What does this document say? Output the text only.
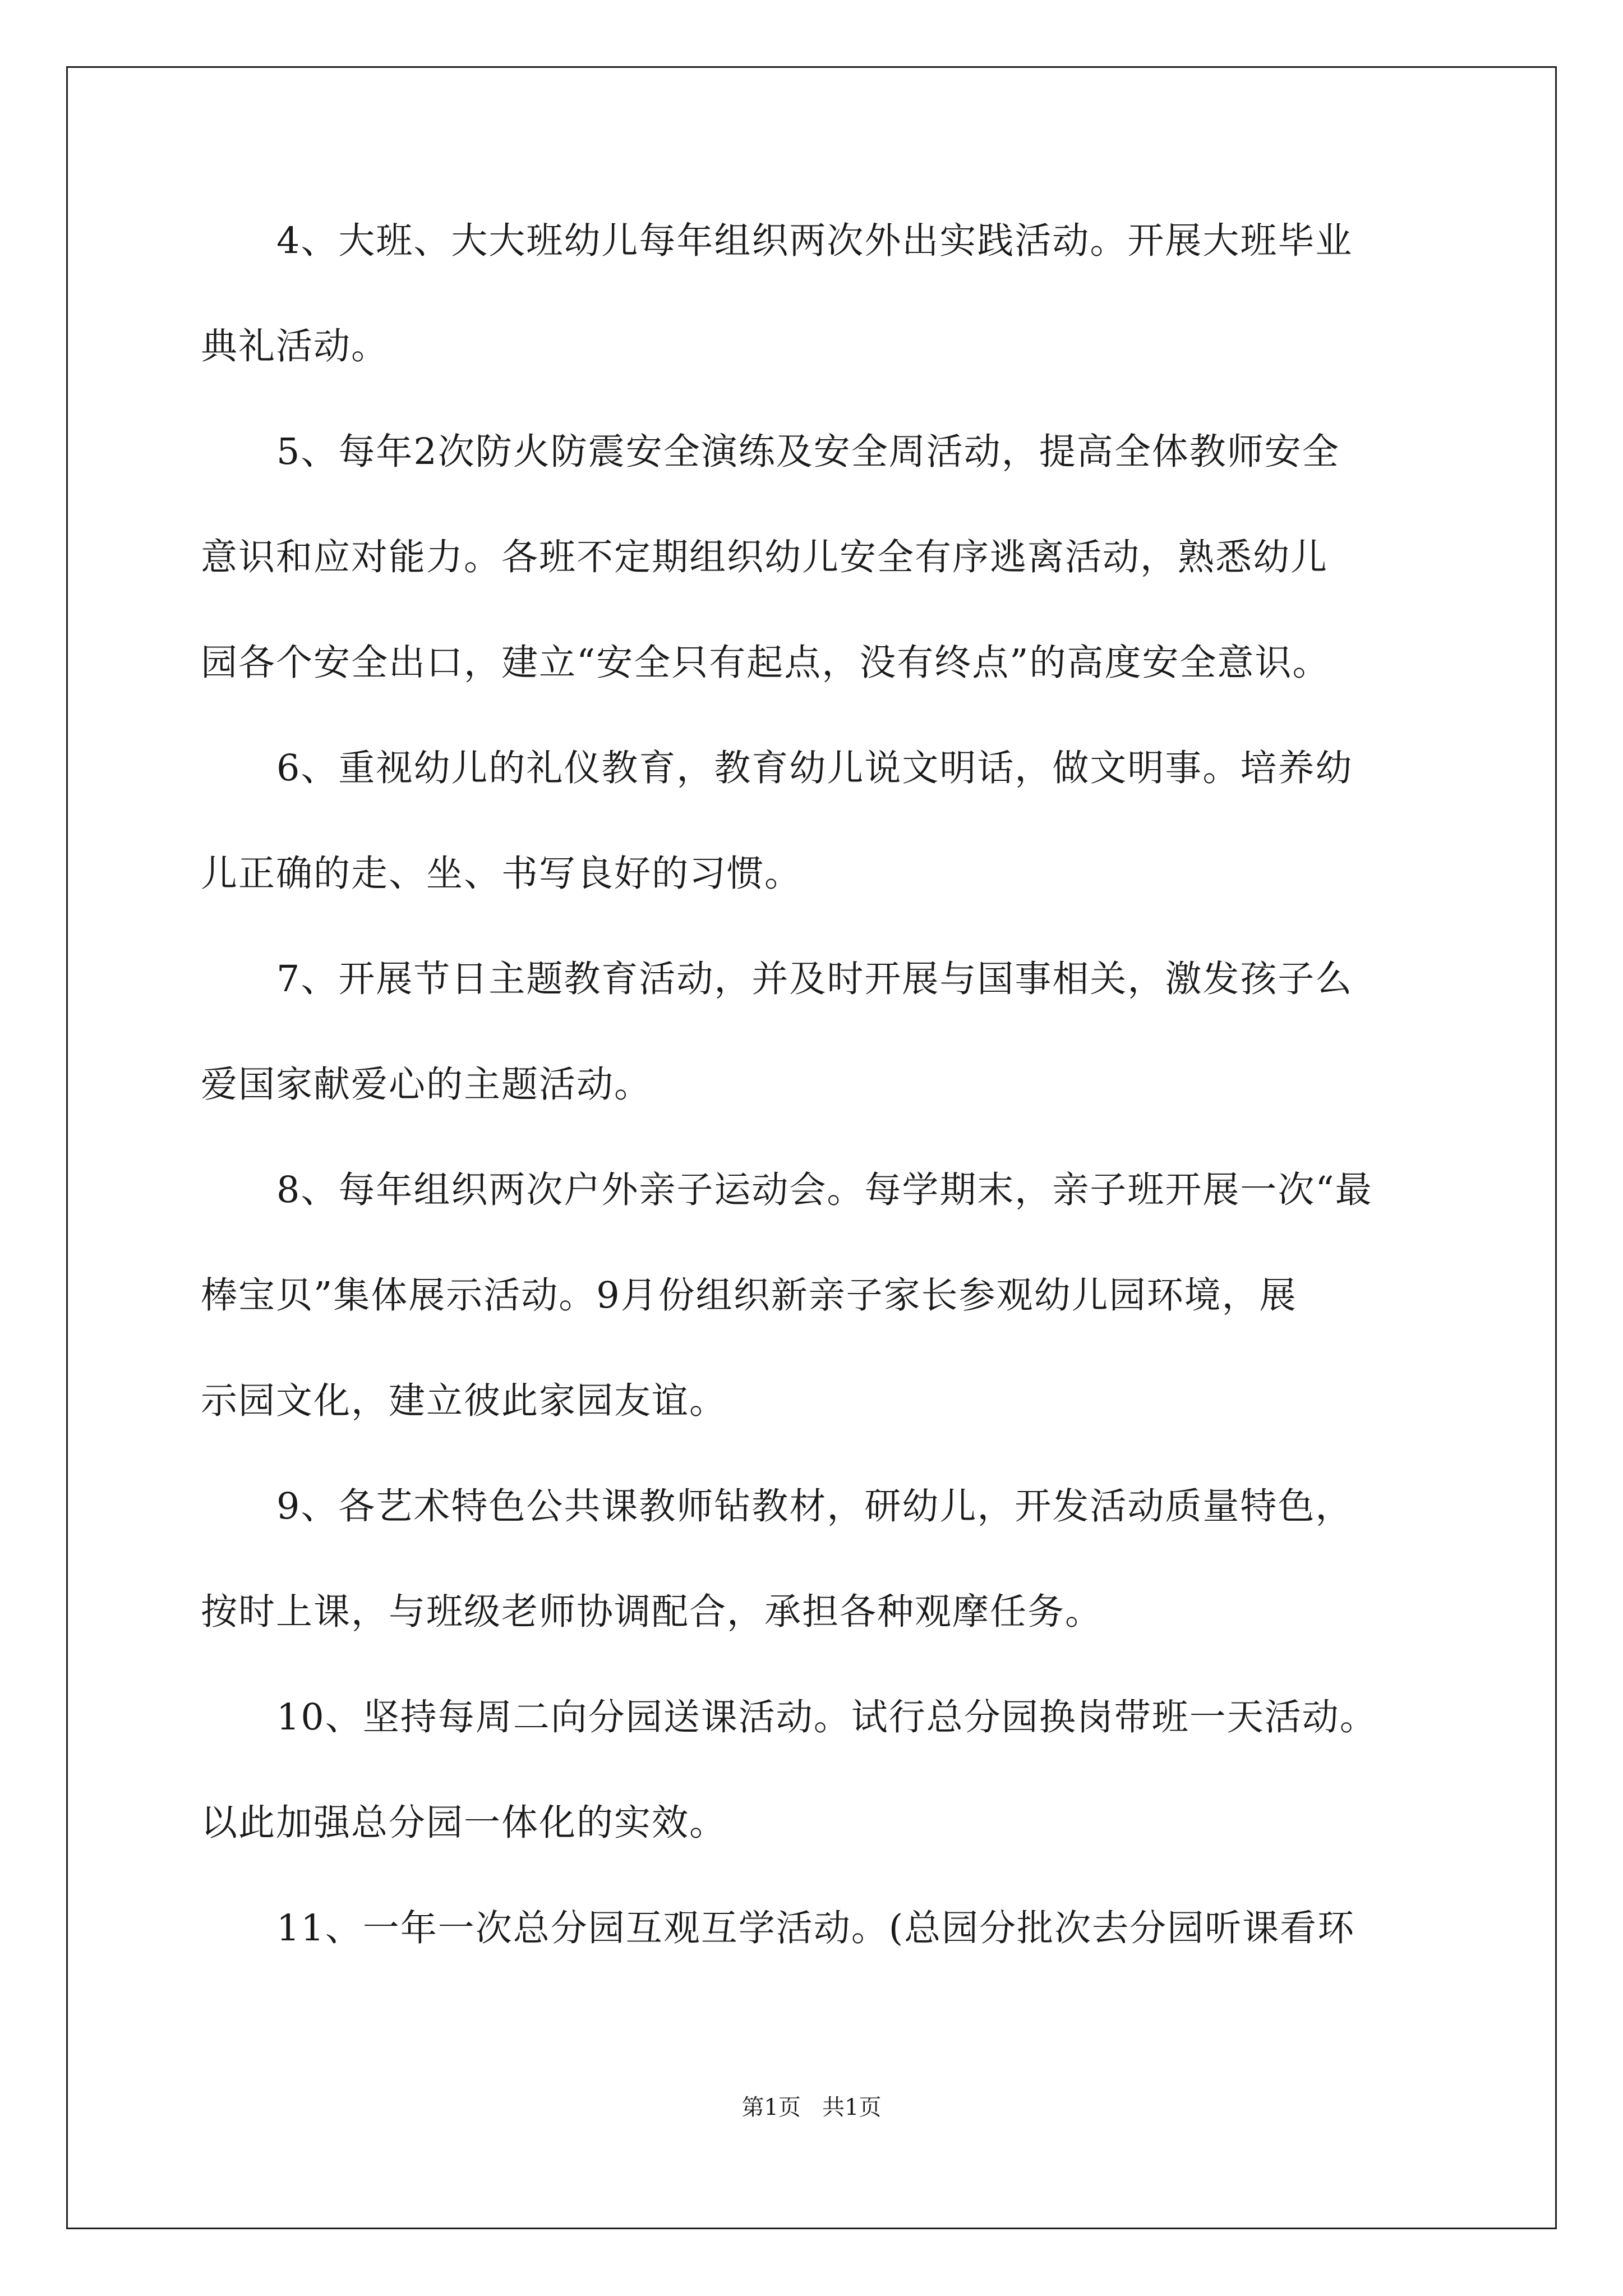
4、大班、大大班幼儿每年组织两次外出实践活动。开展大班毕业
典礼活动。
5、每年2次防火防震安全演练及安全周活动，提高全体教师安全
意识和应对能力。各班不定期组织幼儿安全有序逃离活动，熟悉幼儿
园各个安全出口，建立“安全只有起点，没有终点”的高度安全意识。
6、重视幼儿的礼仪教育，教育幼儿说文明话，做文明事。培养幼
儿正确的走、坐、书写良好的习惯。
7、开展节日主题教育活动，并及时开展与国事相关，激发孩子么
爱国家献爱心的主题活动。
8、每年组织两次户外亲子运动会。每学期末，亲子班开展一次“最
棒宝贝”集体展示活动。9月份组织新亲子家长参观幼儿园环境，展
示园文化，建立彼此家园友谊。
9、各艺术特色公共课教师钻教材，研幼儿，开发活动质量特色，
按时上课，与班级老师协调配合，承担各种观摩任务。
10、坚持每周二向分园送课活动。试行总分园换岗带班一天活动。
以此加强总分园一体化的实效。
11、一年一次总分园互观互学活动。(总园分批次去分园听课看环
第1页   共1页
